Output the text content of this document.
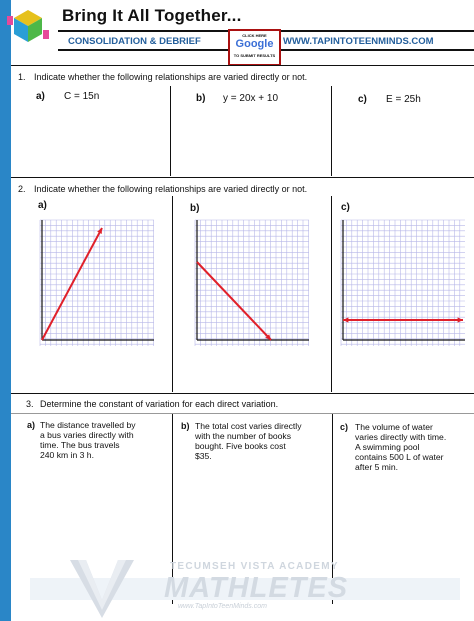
Bring It All Together...
CONSOLIDATION & DEBRIEF	WWW.TAPINTOTEENMINDS.COM
CLICK HERE
Google
TO SUBMIT RESULTS
1. Indicate whether the following relationships are varied directly or not.
a) C = 15n	b) y = 20x + 10	c) E = 25h
2. Indicate whether the following relationships are varied directly or not.
a)	b)	c)
3. Determine the constant of variation for each direct variation.
a) The distance travelled by
a bus varies directly with
time. The bus travels
240 km in 3 h.
b) The total cost varies directly
with the number of books
bought. Five books cost
$35.
c) The volume of water
varies directly with time.
A swimming pool
contains 500 L of water
after 5 min.
TECUMSEH VISTA ACADEMY
MATHLETES
www.TapIntoTeenMinds.com
